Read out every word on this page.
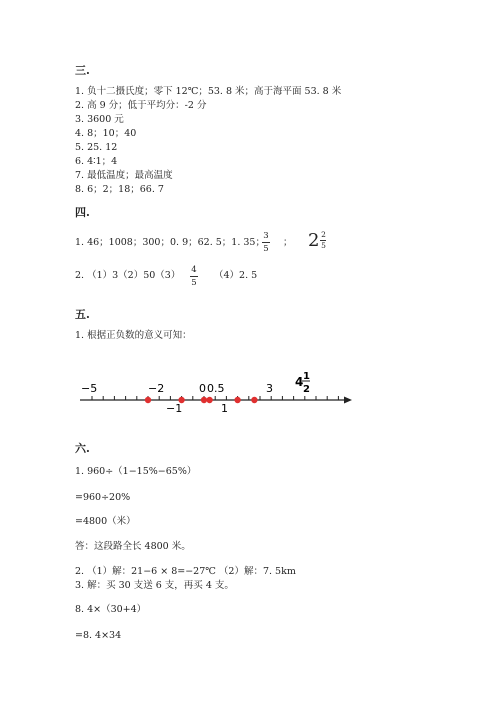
三.
1. 负十二摄氏度；零下 12℃；53. 8 米；高于海平面 53. 8 米
2. 高 9 分；低于平均分：-2 分
3. 3600 元
4. 8；10；40
5. 25. 12
6. 4∶1；4
7. 最低温度；最高温度
8. 6；2；18；66. 7
四.
1. 46；1008；300；0. 9；62. 5；1. 35；
3
5
； $2 \frac{2}{5}$
2. （1）3（2）50（3） 4
5
（4）2. 5
五.
1. 根据正负数的意义可知：
−5	−2	0 0.5	3
−1	1
4 1
2
六.
1. 960÷（1−15%−65%）
=960÷20%
=4800（米）
答：这段路全长 4800 米。
2. （1）解：21−6 × 8=−27℃ （2）解：7. 5km
3. 解：买 30 支送 6 支，再买 4 支。
8. 4×（30+4）
=8. 4×34
